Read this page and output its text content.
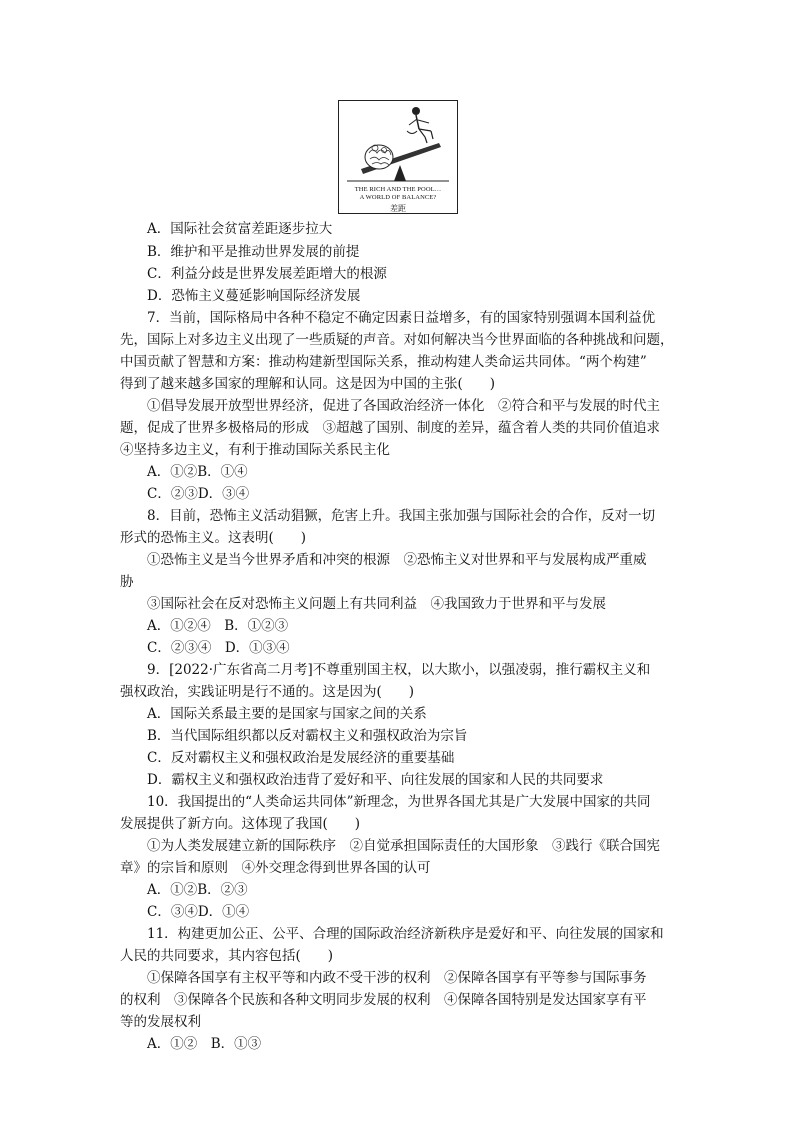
THE RICH AND THE POOL…
A WORLD OF BALANCE?
差距
A．国际社会贫富差距逐步拉大
B．维护和平是推动世界发展的前提
C．利益分歧是世界发展差距增大的根源
D．恐怖主义蔓延影响国际经济发展
7．当前，国际格局中各种不稳定不确定因素日益增多，有的国家特别强调本国利益优
先，国际上对多边主义出现了一些质疑的声音。对如何解决当今世界面临的各种挑战和问题，
中国贡献了智慧和方案：推动构建新型国际关系，推动构建人类命运共同体。“两个构建”
得到了越来越多国家的理解和认同。这是因为中国的主张(　　)
①倡导发展开放型世界经济，促进了各国政治经济一体化　②符合和平与发展的时代主
题，促成了世界多极格局的形成　③超越了国别、制度的差异，蕴含着人类的共同价值追求
④坚持多边主义，有利于推动国际关系民主化
A．①②B．①④
C．②③D．③④
8．目前，恐怖主义活动猖獗，危害上升。我国主张加强与国际社会的合作，反对一切
形式的恐怖主义。这表明(　　)
①恐怖主义是当今世界矛盾和冲突的根源　②恐怖主义对世界和平与发展构成严重威
胁
③国际社会在反对恐怖主义问题上有共同利益　④我国致力于世界和平与发展
A．①②④　B．①②③
C．②③④　D．①③④
9．[2022·广东省高二月考]不尊重别国主权，以大欺小，以强凌弱，推行霸权主义和
强权政治，实践证明是行不通的。这是因为(　　)
A．国际关系最主要的是国家与国家之间的关系
B．当代国际组织都以反对霸权主义和强权政治为宗旨
C．反对霸权主义和强权政治是发展经济的重要基础
D．霸权主义和强权政治违背了爱好和平、向往发展的国家和人民的共同要求
10．我国提出的“人类命运共同体”新理念，为世界各国尤其是广大发展中国家的共同
发展提供了新方向。这体现了我国(　　)
①为人类发展建立新的国际秩序　②自觉承担国际责任的大国形象　③践行《联合国宪
章》的宗旨和原则　④外交理念得到世界各国的认可
A．①②B．②③
C．③④D．①④
11．构建更加公正、公平、合理的国际政治经济新秩序是爱好和平、向往发展的国家和
人民的共同要求，其内容包括(　　)
①保障各国享有主权平等和内政不受干涉的权利　②保障各国享有平等参与国际事务
的权利　③保障各个民族和各种文明同步发展的权利　④保障各国特别是发达国家享有平
等的发展权利
A．①②　B．①③
